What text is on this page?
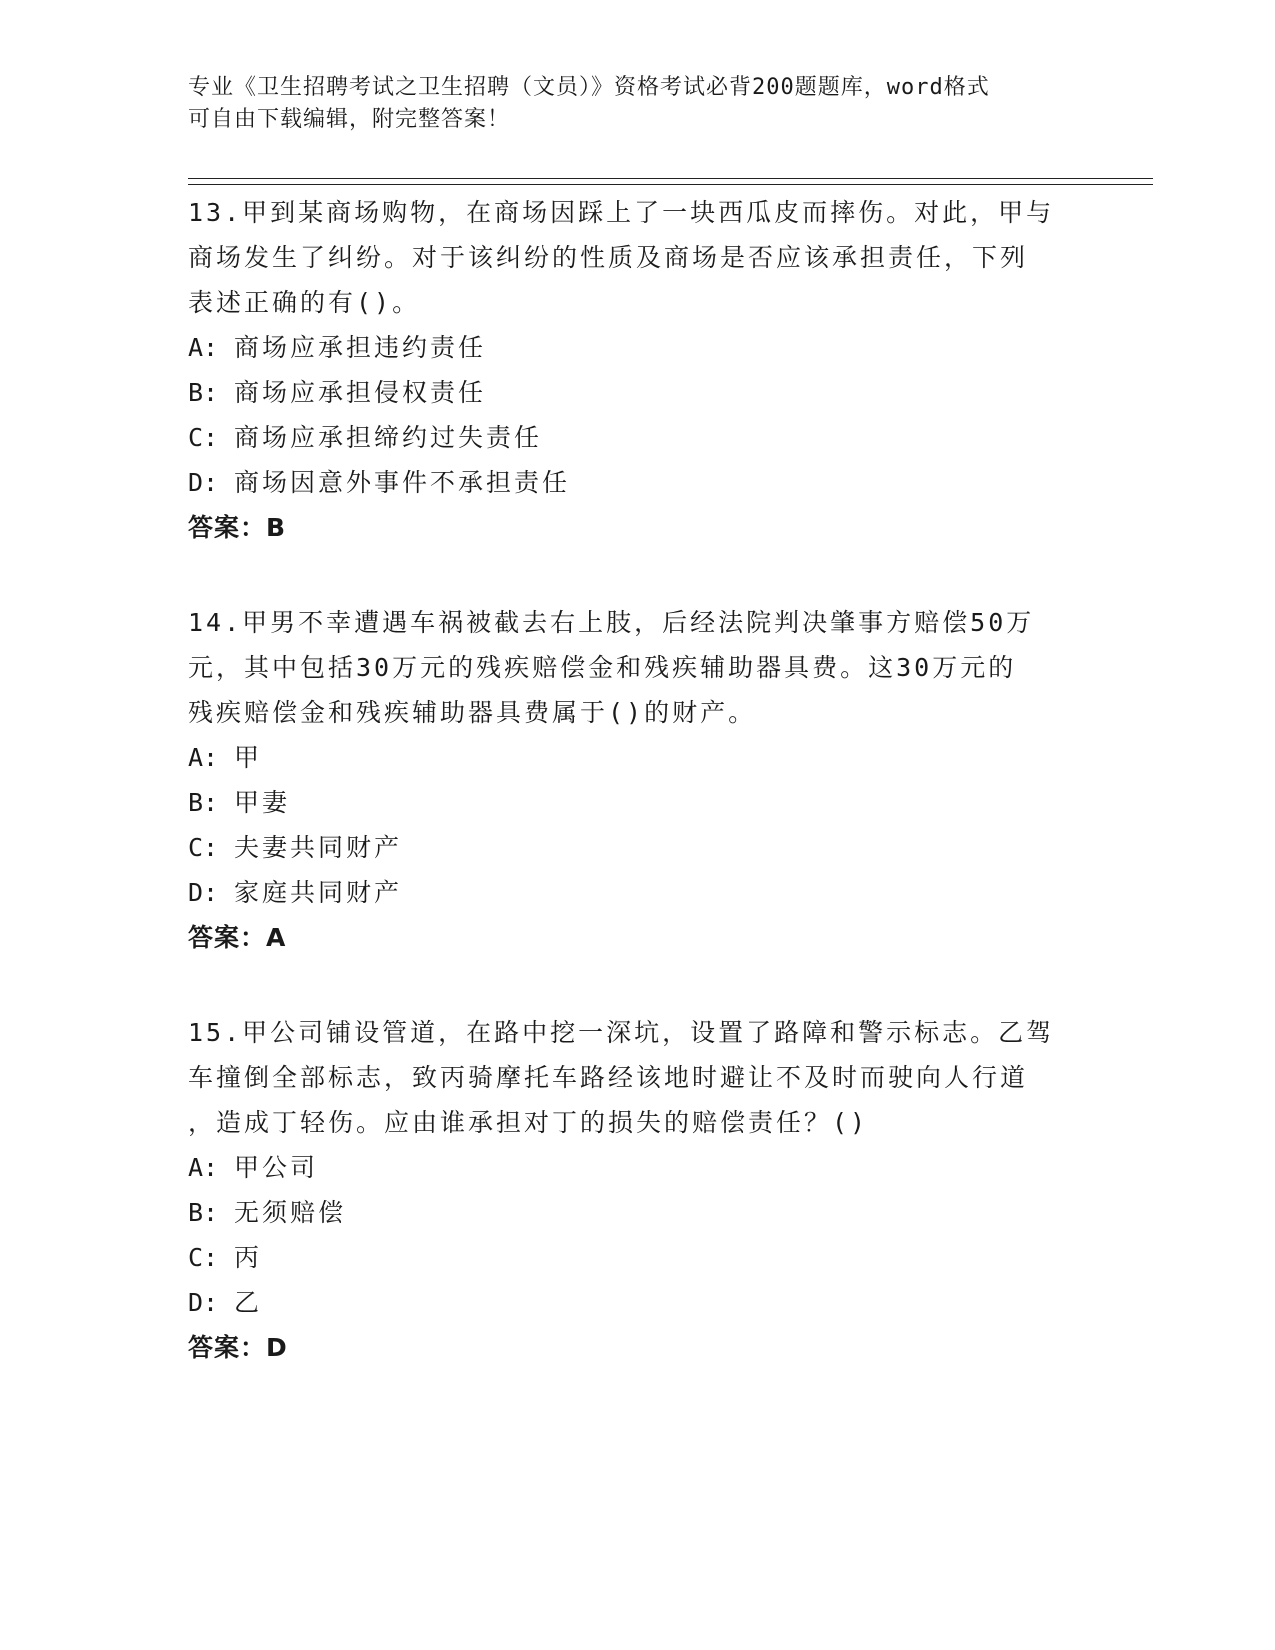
专业《卫生招聘考试之卫生招聘（文员）》资格考试必背200题题库，word格式
可自由下载编辑，附完整答案！
13.甲到某商场购物，在商场因踩上了一块西瓜皮而摔伤。对此，甲与
商场发生了纠纷。对于该纠纷的性质及商场是否应该承担责任，下列
表述正确的有()。
A: 商场应承担违约责任
B: 商场应承担侵权责任
C: 商场应承担缔约过失责任
D: 商场因意外事件不承担责任
答案：B
14.甲男不幸遭遇车祸被截去右上肢，后经法院判决肇事方赔偿50万
元，其中包括30万元的残疾赔偿金和残疾辅助器具费。这30万元的
残疾赔偿金和残疾辅助器具费属于()的财产。
A: 甲
B: 甲妻
C: 夫妻共同财产
D: 家庭共同财产
答案：A
15.甲公司铺设管道，在路中挖一深坑，设置了路障和警示标志。乙驾
车撞倒全部标志，致丙骑摩托车路经该地时避让不及时而驶向人行道
，造成丁轻伤。应由谁承担对丁的损失的赔偿责任？()
A: 甲公司
B: 无须赔偿
C: 丙
D: 乙
答案：D
